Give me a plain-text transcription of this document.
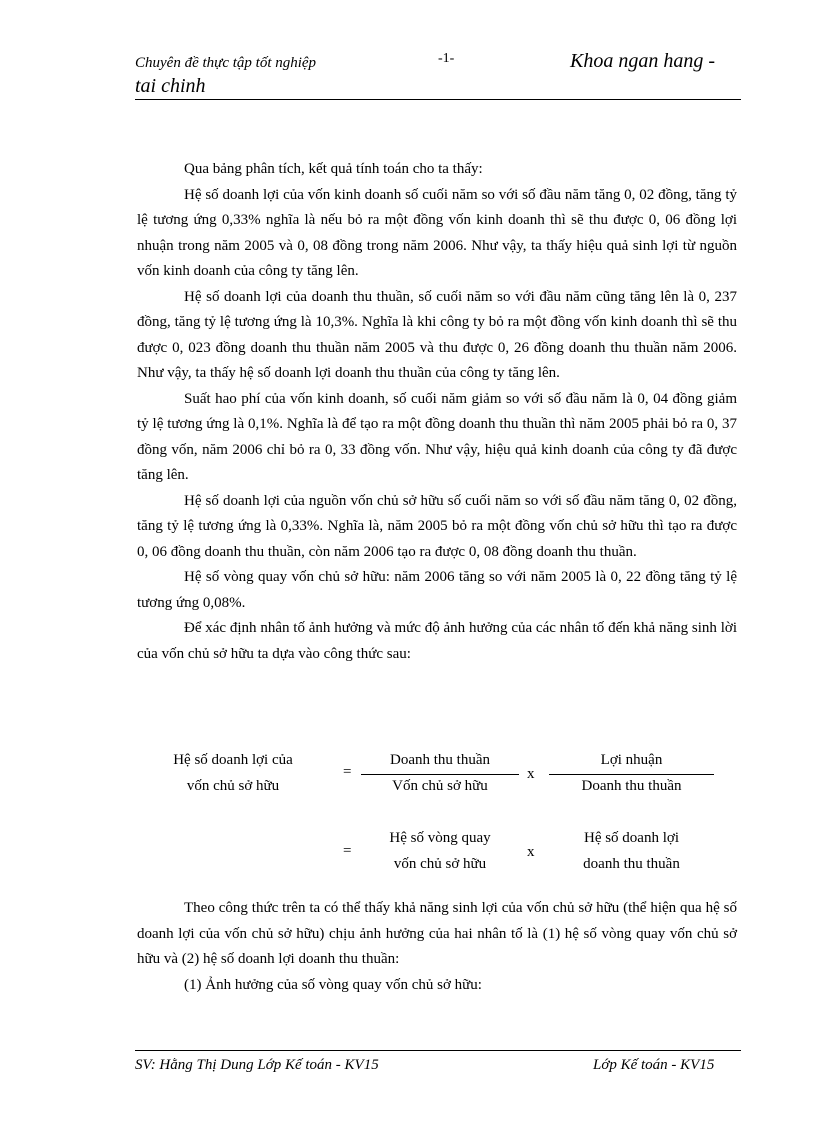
Chuyên đề thực tập tốt nghiệp	-1-	Khoa ngan hang -
tai chinh

Qua bảng phân tích, kết quả tính toán cho ta thấy:

Hệ số doanh lợi của vốn kinh doanh số cuối năm so với số đầu năm tăng 0, 02 đồng, tăng tỷ lệ tương ứng 0,33% nghĩa là nếu bỏ ra một đồng vốn kinh doanh thì sẽ thu được 0, 06 đồng lợi nhuận trong năm 2005 và 0, 08 đồng trong năm 2006. Như vậy, ta thấy hiệu quả sinh lợi từ nguồn vốn kinh doanh của công ty tăng lên.

Hệ số doanh lợi của doanh thu thuần, số cuối năm so với đầu năm cũng tăng lên là 0, 237 đồng, tăng tỷ lệ tương ứng là 10,3%. Nghĩa là khi công ty bỏ ra một đồng vốn kinh doanh thì sẽ thu được 0, 023 đồng doanh thu thuần năm 2005 và thu được 0, 26 đồng doanh thu thuần năm 2006. Như vậy, ta thấy hệ số doanh lợi doanh thu thuần của công ty tăng lên.

Suất hao phí của vốn kinh doanh, số cuối năm giảm so với số đầu năm là 0, 04 đồng giảm tỷ lệ tương ứng là 0,1%. Nghĩa là để tạo ra một đồng doanh thu thuần thì năm 2005 phải bỏ ra 0, 37 đồng vốn, năm 2006 chỉ bỏ ra 0, 33 đồng vốn. Như vậy, hiệu quả kinh doanh của công ty đã được tăng lên.

Hệ số doanh lợi của nguồn vốn chủ sở hữu số cuối năm so với số đầu năm tăng 0, 02 đồng, tăng tỷ lệ tương ứng là 0,33%. Nghĩa là, năm 2005 bỏ ra một đồng vốn chủ sở hữu thì tạo ra được 0, 06 đồng doanh thu thuần, còn năm 2006 tạo ra được 0, 08 đồng doanh thu thuần.

Hệ số vòng quay vốn chủ sở hữu: năm 2006 tăng so với năm 2005 là 0, 22 đồng tăng tỷ lệ tương ứng 0,08%.

Để xác định nhân tố ảnh hưởng và mức độ ảnh hưởng của các nhân tố đến khả năng sinh lời của vốn chủ sở hữu ta dựa vào công thức sau:

Hệ số doanh lợi của
vốn chủ sở hữu
=
Doanh thu thuần
Vốn chủ sở hữu
x
Lợi nhuận
Doanh thu thuần
=
Hệ số vòng quay
vốn chủ sở hữu
x
Hệ số doanh lợi
doanh thu thuần

Theo công thức trên ta có thể thấy khả năng sinh lợi của vốn chủ sở hữu (thể hiện qua hệ số doanh lợi của vốn chủ sở hữu) chịu ảnh hưởng của hai nhân tố là (1) hệ số vòng quay vốn chủ sở hữu và (2) hệ số doanh lợi doanh thu thuần:

(1) Ảnh hưởng của số vòng quay vốn chủ sở hữu:

SV: Hằng Thị Dung Lớp Kế toán - KV15	Lớp Kế toán - KV15
